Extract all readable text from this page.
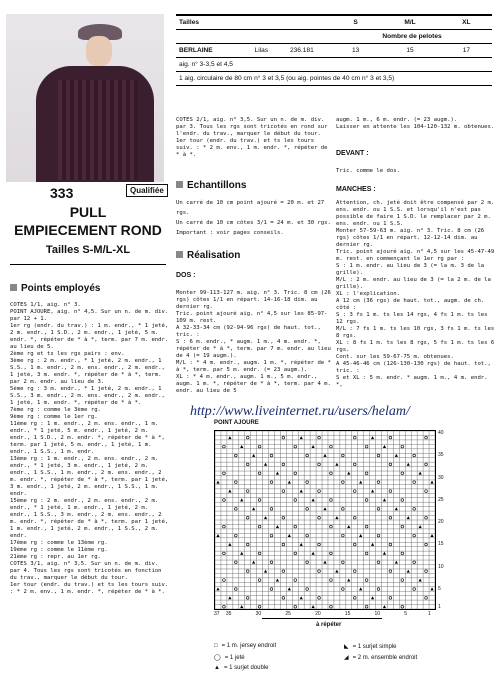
333	Qualifiée
PULL
EMPIECEMENT ROND
Tailles S-M/L-XL
Points employés
COTES 1/1, aig. n° 3.
POINT AJOURE, aig. n° 4,5. Sur un n. de m. div. par 12 + 1.
1er rg (endr. du trav.) : 1 m. endr., * 1 jeté, 2 m. endr., 1 S.D., 2 m. endr., 1 jeté, 5 m. endr. *, répéter de * à *, term. par 7 m. endr. au lieu de 5.
2ème rg et ts les rgs pairs : env.
3ème rg : 2 m. endr., * 1 jeté, 2 m. endr., 1 S.S., 1 m. endr., 2 m. ens. endr., 2 m. endr., 1 jeté, 3 m. endr. *, répéter de * à *, term. par 2 m. endr. au lieu de 3.
5ème rg : 3 m. endr., * 1 jeté, 2 m. endr., 1 S.S., 3 m. endr., 2 m. ens. endr., 2 m. endr., 1 jeté, 1 m. endr. *, répéter de * à *.
7ème rg : comme le 3ème rg.
9ème rg : comme le 1er rg.
11ème rg : 1 m. endr., 2 m. ens. endr., 1 m. endr., * 1 jeté, 5 m. endr., 1 jeté, 2 m. endr., 1 S.D., 2 m. endr. *, répéter de * à *, term. par 1 jeté, 5 m. endr., 1 jeté, 1 m. endr., 1 S.S., 1 m. endr.
13ème rg : 1 m. endr., 2 m. ens. endr., 2 m. endr., * 1 jeté, 3 m. endr., 1 jeté, 2 m. endr., 1 S.S., 1 m. endr., 2 m. ens. endr., 2 m. endr. *, répéter de * à *, term. par 1 jeté, 3 m. endr., 1 jeté, 2 m. endr., 1 S.S., 1 m. endr.
15ème rg : 2 m. endr., 2 m. ens. endr., 2 m. endr., * 1 jeté, 1 m. endr., 1 jeté, 2 m. endr., 1 S.S., 3 m. endr., 2 m. ens. endr., 2 m. endr. *, répéter de * à *, term. par 1 jeté, 1 m. endr., 1 jeté, 2 m. endr., 1 S.S., 2 m. endr.
17ème rg : comme le 13ème rg.
19ème rg : comme le 11ème rg.
21ème rg : repr. au 1er rg.
COTES 3/1, aig. n° 3,5. Sur un n. de m. div. par 4. Tous les rgs sont tricotés en fonction du trav., marquer le début du tour.
1er tour (endr. du trav.) et ts les tours suiv. : * 2 m. env., 1 m. endr. *, répéter de * à *.
Tailles	S	M/L	XL
	Nombre de pelotes		
BERLAINE Lilas 236.181	13	15	17
aig. n° 3-3,5 et 4,5			
1 aig. circulaire de 80 cm n° 3 et 3,5 (ou aig. pointes de 40 cm n° 3 et 3,5)			
COTES 2/1, aig. n° 3,5. Sur un n. de m. div. par 3. Tous les rgs sont tricotés en rond sur l'endr. du trav., marquer le début du tour.
1er tour (endr. du trav.) et ts les tours suiv. : * 2 m. env., 1 m. endr. *, répéter de * à *.
Echantillons
Un carré de 10 cm point ajouré = 20 m. et 27 rgs.
Un carré de 10 cm côtes 3/1 = 24 m. et 30 rgs.
Important : voir pages conseils.
Réalisation
DOS :
Monter 99-113-127 m. aig. n° 3. Tric. 8 cm (26 rgs) côtes 1/1 en répart. 14-16-18 dim. au dernier rg.
Tric. point ajouré aig. n° 4,5 sur les 85-97-109 m. rest.
A 32-33-34 cm (92-94-96 rgs) de haut. tot., tric. :
S : 6 m. endr., * augm. 1 m., 4 m. endr. *, répéter de * à *, term. par 7 m. endr. au lieu de 4 (= 19 augm.).
M/L : * 4 m. endr., augm. 1 m. *, répéter de * à *, term. par 5 m. endr. (= 23 augm.).
XL : * 4 m. endr., augm. 1 m., 5 m. endr., augm. 1 m. *, répéter de * à *, term. par 4 m. endr. au lieu de 5
augm. 1 m., 6 m. endr. (= 23 augm.).
Laisser en attente les 104-120-132 m. obtenues.
DEVANT :
Tric. comme le dos.
MANCHES :
Attention, ch. jeté doit être compensé par 2 m. ens. endr. ou 1 S.S. et lorsqu'il n'est pas possible de faire 1 S.D. le remplacer par 2 m. ens. endr. ou 1 S.S.
Monter 57-59-63 m. aig. n° 3. Tric. 8 cm (26 rgs) côtes 1/1 en répart. 12-12-14 dim. au dernier rg.
Tric. point ajouré aig. n° 4,5 sur les 45-47-49 m. rest. en commençant le 1er rg par :
S : 1 m. endr. au lieu de 3 (= la m. 3 de la grille).
M/L : 2 m. endr. au lieu de 3 (= la 2 m. de la grille).
XL : l'explication.
A 12 cm (36 rgs) de haut. tot., augm. de ch. côté :
S : 3 fs 1 m. ts les 14 rgs, 4 fs 1 m. ts les 12 rgs.
M/L : 7 fs 1 m. ts les 10 rgs, 3 fs 1 m. ts les 8 rgs.
XL : 8 fs 1 m. ts les 8 rgs, 5 fs 1 m. ts les 6 rgs.
Cont. sur les 59-67-75 m. obtenues.
A 45-46-46 cm (126-130-130 rgs) de haut. tot., tric. :
S et XL : 5 m. endr. * augm. 1 m., 4 m. endr. *,
http://www.liveinternet.ru/users/helam/
POINT AJOURE
40
35
30
25
20
15
10
5
1
37 35	30	25	20	15	10	5	1
à répéter
□ = 1 m. jersey endroit
◯ = 1 jeté
▲ = 1 surjet double
◣ = 1 surjet simple
◢ = 2 m. ensemble endroit
